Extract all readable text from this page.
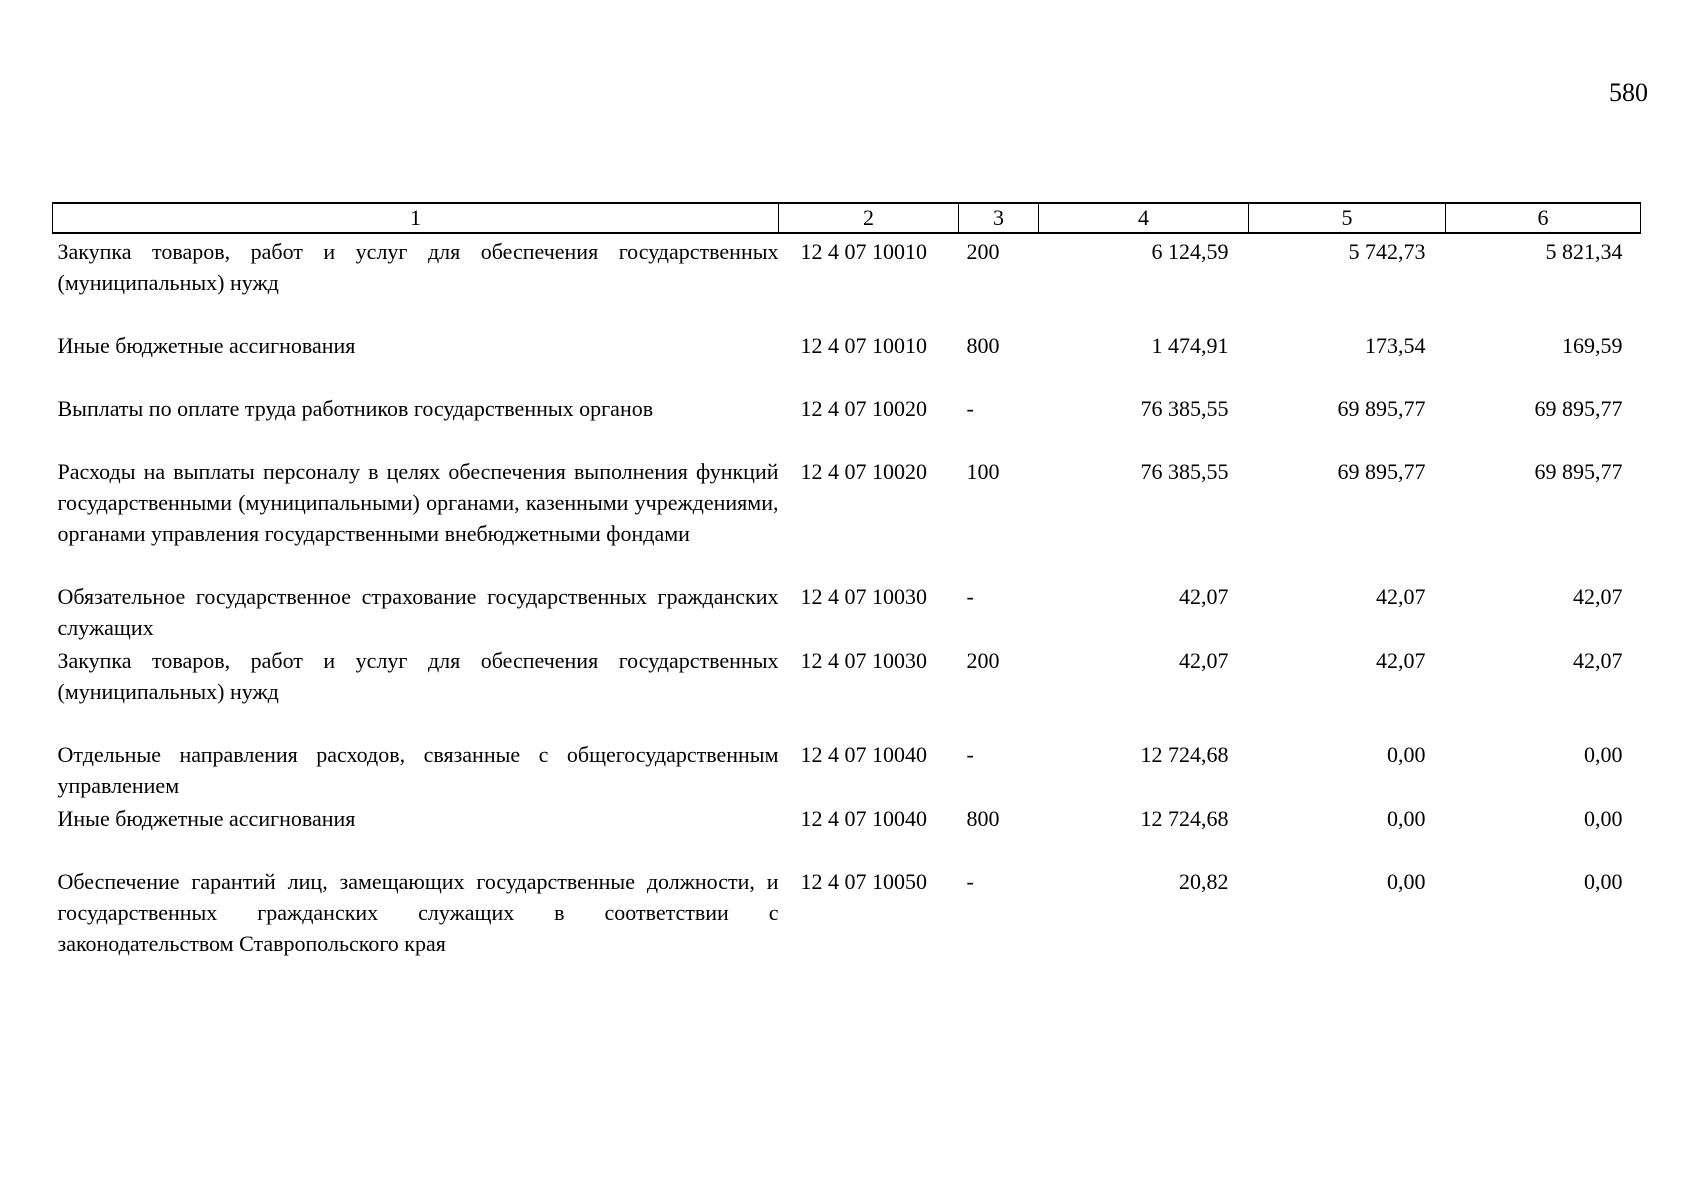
580
1	2	3	4	5	6
Закупка товаров, работ и услуг для обеспечения государственных (муниципальных) нужд	12 4 07 10010	200	6 124,59	5 742,73	5 821,34
Иные бюджетные ассигнования	12 4 07 10010	800	1 474,91	173,54	169,59
Выплаты по оплате труда работников государственных органов	12 4 07 10020	-	76 385,55	69 895,77	69 895,77
Расходы на выплаты персоналу в целях обеспечения выполнения функций государственными (муниципальными) органами, казенными учреждениями, органами управления государственными внебюджетными фондами	12 4 07 10020	100	76 385,55	69 895,77	69 895,77
Обязательное государственное страхование государственных гражданских служащих	12 4 07 10030	-	42,07	42,07	42,07
Закупка товаров, работ и услуг для обеспечения государственных (муниципальных) нужд	12 4 07 10030	200	42,07	42,07	42,07
Отдельные направления расходов, связанные с общегосударственным управлением	12 4 07 10040	-	12 724,68	0,00	0,00
Иные бюджетные ассигнования	12 4 07 10040	800	12 724,68	0,00	0,00
Обеспечение гарантий лиц, замещающих государственные должности, и государственных гражданских служащих в соответствии с законодательством Ставропольского края	12 4 07 10050	-	20,82	0,00	0,00
